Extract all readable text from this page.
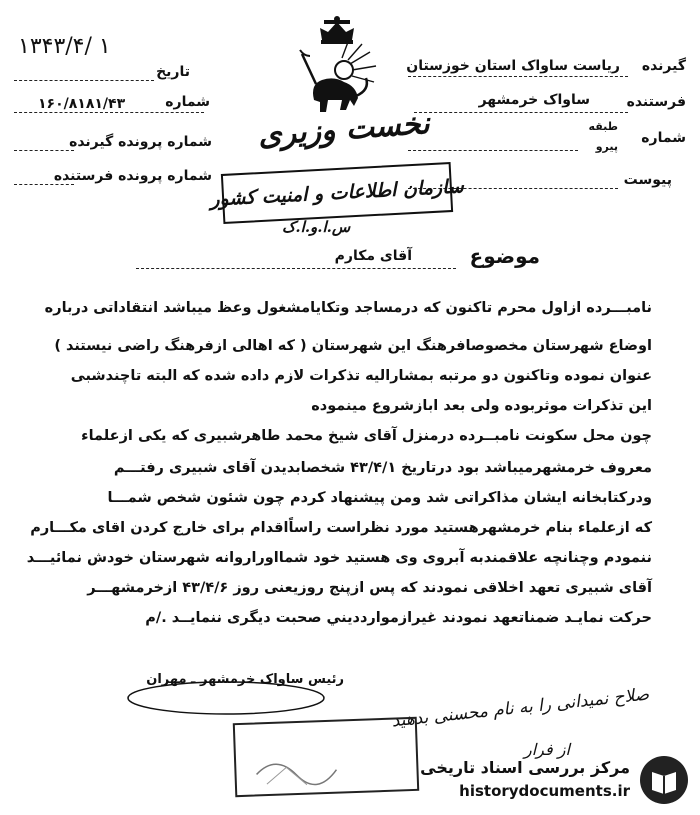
۱۳۴۳/۴/ ۱
تاریخ
شماره
۱۶۰/۸۱۸۱/۴۳
شماره پرونده گیرنده
شماره پرونده فرستنده
نخست وزیری
گیرنده
ریاست ساواک استان خوزستان
فرستنده
ساواک خرمشهر
شماره
طبقه
پیرو
پیوست
سازمان اطلاعات و امنیت کشور
س.ا.و.ا.ک
موضوع
آقای مکارم
نامبـــرده ازاول محرم تاکنون که درمساجد وتکایامشغول وعظ میباشد انتقاداتی درباره
اوضاع شهرستان مخصوصافرهنگ این شهرستان ( که اهالی ازفرهنگ راضی نیستند )
عنوان نموده وتاکنون دو مرتبه بمشارالیه تذکرات لازم داده شده که البته تاچندشبی
این تذکرات موثربوده ولی بعد ابازشروع مینموده
چون محل سکونت نامبــرده درمنزل آقای شیخ محمد طاهرشبیری که یکی ازعلماء
معروف خرمشهرمیباشد بود درتاریخ ۴۳/۴/۱ شخصابدیدن آقای شبیری رفتـــم
ودرکتابخانه ایشان مذاکراتی شد ومن پیشنهاد کردم چون شئون شخص شمـــا
که ازعلماء بنام خرمشهرهستید مورد نظراست راساًاقدام برای خارج کردن اقای مکـــارم
ننمودم وچنانچه علاقمندبه آبروی وی هستید خود شمااوراروانه شهرستان خودش نمائیـــد
آقای شبیری تعهد اخلاقی نمودند که پس ازپنج روزیعنی روز ۴۳/۴/۶ ازخرمشهـــر
حرکت نمایـد ضمناتعهد نمودند غیرازمواردديني صحبت دیگری ننمایــد ./م
رئیس ساواک خرمشهر ـ مهران
صلاح نمیدانی را به نام محسنی بدهید
از فرار
مرکز بررسی اسناد تاریخی
historydocuments.ir
